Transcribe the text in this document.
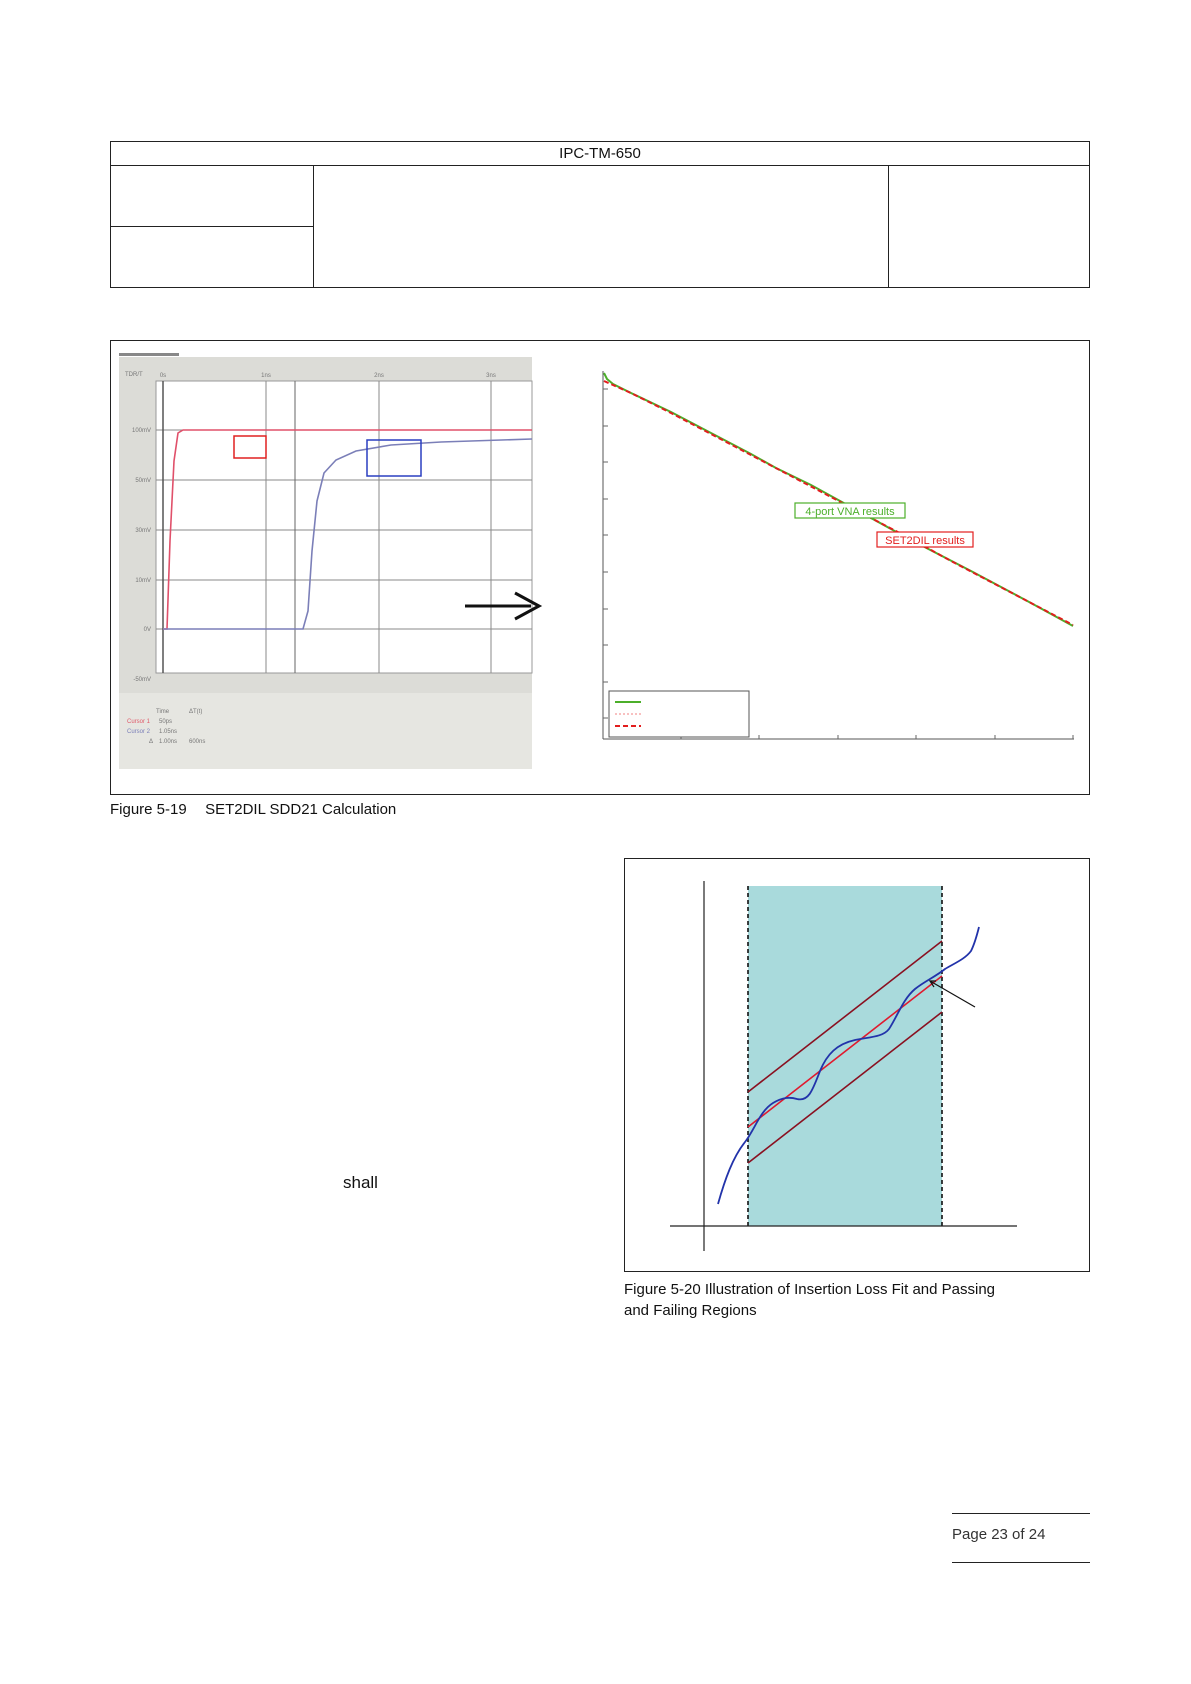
IPC-TM-650
100mV
50mV
30mV
10mV
0V
-50mV
TDR/T	0s	1ns	2ns	3ns
Time	ΔT(t)
Cursor 1 50ps
Cursor 2 1.05ns
Δ 1.00ns 600ns
4-port VNA results
SET2DIL results
Figure 5-19 SET2DIL SDD21 Calculation
shall
Figure 5-20 Illustration of Insertion Loss Fit and Passing
and Failing Regions
Page 23 of 24
